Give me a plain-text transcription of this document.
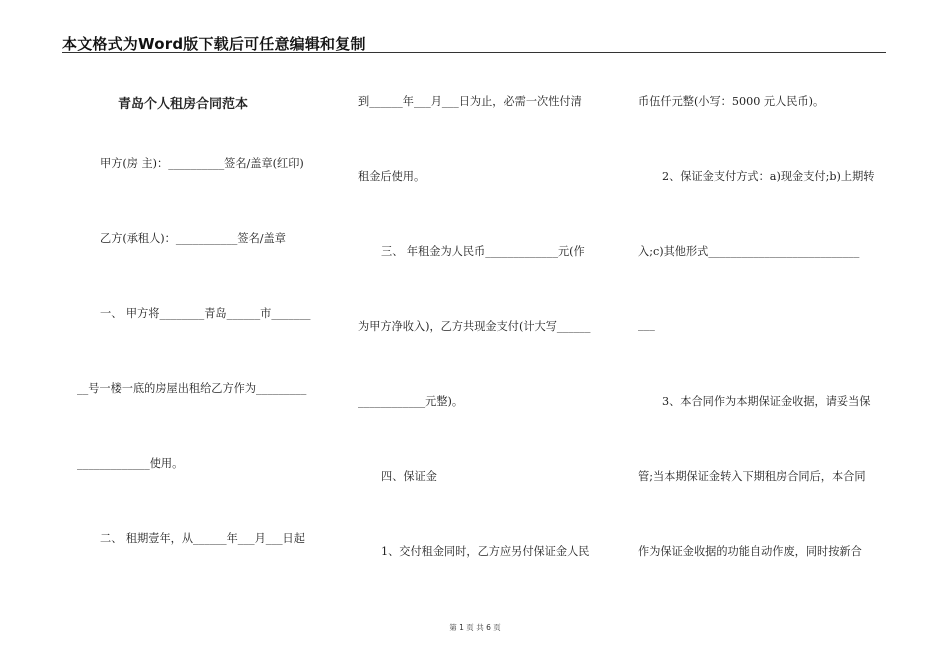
本文格式为Word版下载后可任意编辑和复制
青岛个人租房合同范本
甲方(房 主)：__________签名/盖章(红印)
乙方(承租人)：___________签名/盖章
一、 甲方将________青岛______市_______
__号一楼一底的房屋出租给乙方作为_________
_____________使用。
二、 租期壹年，从______年___月___日起
到______年___月___日为止，必需一次性付清
租金后使用。
三、 年租金为人民币_____________元(作
为甲方净收入)，乙方共现金支付(计大写______
____________元整)。
四、保证金
1、交付租金同时，乙方应另付保证金人民
币伍仟元整(小写：5000 元人民币)。
2、保证金支付方式：a)现金支付;b)上期转
入;c)其他形式___________________________
___
3、本合同作为本期保证金收据，请妥当保
管;当本期保证金转入下期租房合同后，本合同
作为保证金收据的功能自动作废，同时按新合
第 1 页 共 6 页
